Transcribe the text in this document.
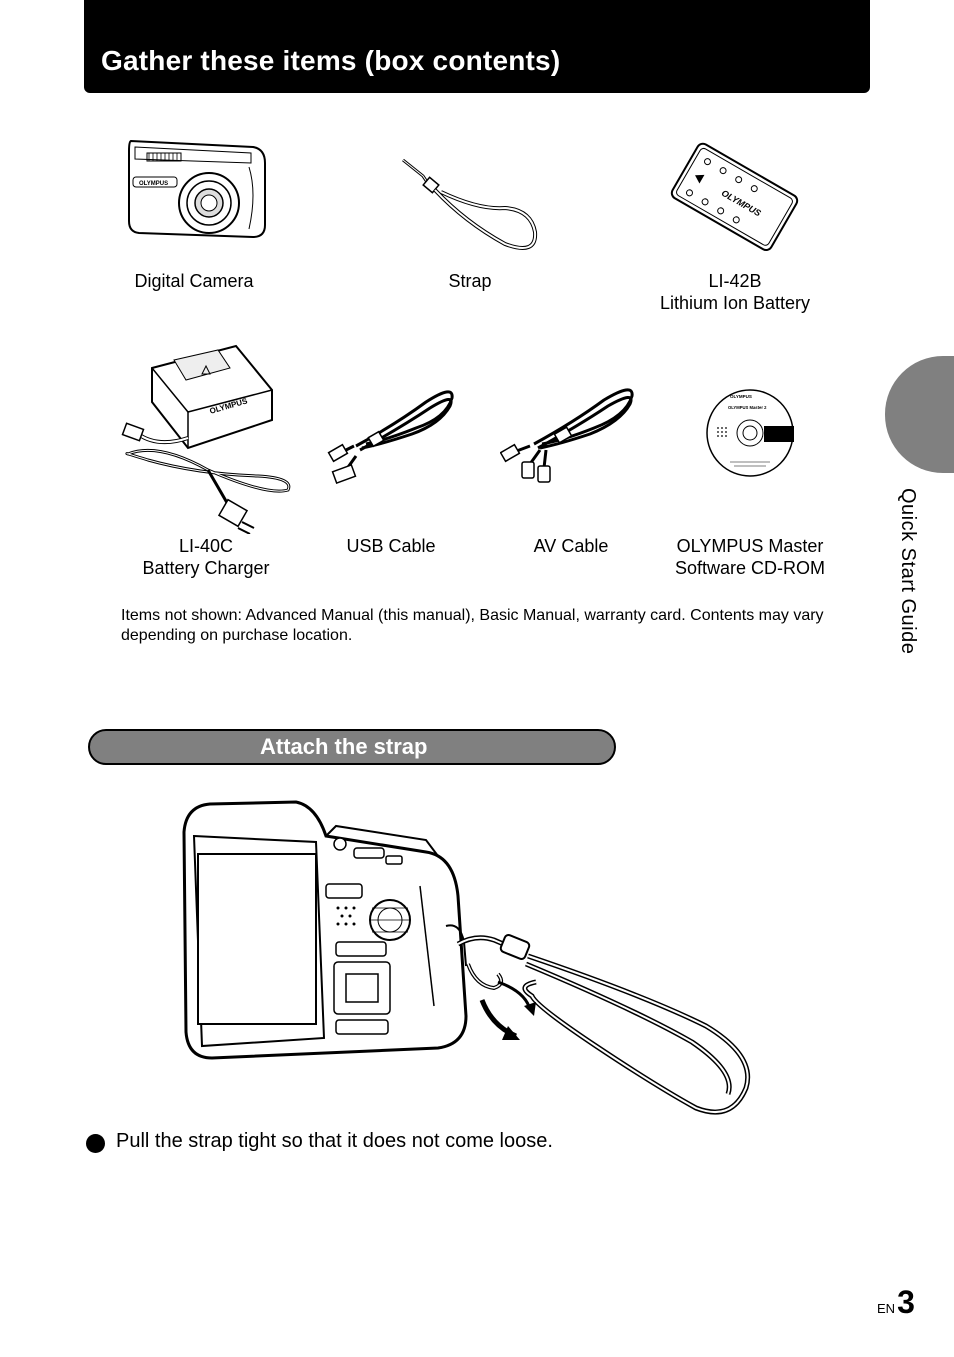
Gather these items (box contents)
OLYMPUS
Digital Camera	Strap
OLYMPUS
LI-42B
Lithium Ion Battery
OLYMPUS
LI-40C
Battery Charger
USB Cable	AV Cable
OLYMPUS
OLYMPUS Master 2
OLYMPUS Master
Software CD-ROM

Items not shown: Advanced Manual (this manual), Basic Manual, warranty card. Contents may vary depending on purchase location.	Quick Start Guide
Attach the strap

Pull the strap tight so that it does not come loose.

EN3
